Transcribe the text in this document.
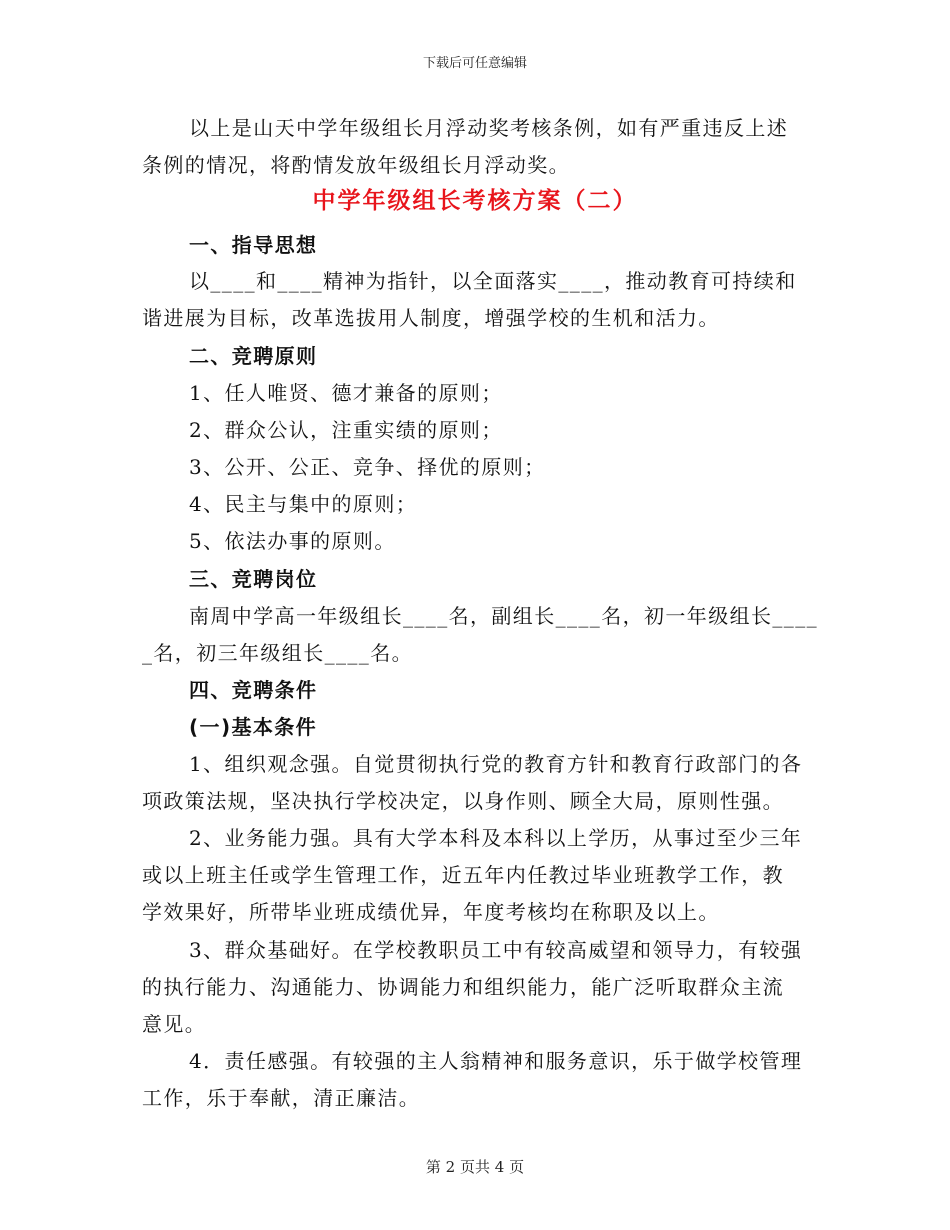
下载后可任意编辑
以上是山天中学年级组长月浮动奖考核条例，如有严重违反上述
条例的情况，将酌情发放年级组长月浮动奖。
中学年级组长考核方案（二）
一、指导思想
以____和____精神为指针，以全面落实____，推动教育可持续和
谐进展为目标，改革选拔用人制度，增强学校的生机和活力。
二、竞聘原则
1、任人唯贤、德才兼备的原则；
2、群众公认，注重实绩的原则；
3、公开、公正、竞争、择优的原则；
4、民主与集中的原则；
5、依法办事的原则。
三、竞聘岗位
南周中学高一年级组长____名，副组长____名，初一年级组长____
_名，初三年级组长____名。
四、竞聘条件
(一)基本条件
1、组织观念强。自觉贯彻执行党的教育方针和教育行政部门的各
项政策法规，坚决执行学校决定，以身作则、顾全大局，原则性强。
2、业务能力强。具有大学本科及本科以上学历，从事过至少三年
或以上班主任或学生管理工作，近五年内任教过毕业班教学工作，教
学效果好，所带毕业班成绩优异，年度考核均在称职及以上。
3、群众基础好。在学校教职员工中有较高威望和领导力，有较强
的执行能力、沟通能力、协调能力和组织能力，能广泛听取群众主流
意见。
4．责任感强。有较强的主人翁精神和服务意识，乐于做学校管理
工作，乐于奉献，清正廉洁。
第 2 页共 4 页
